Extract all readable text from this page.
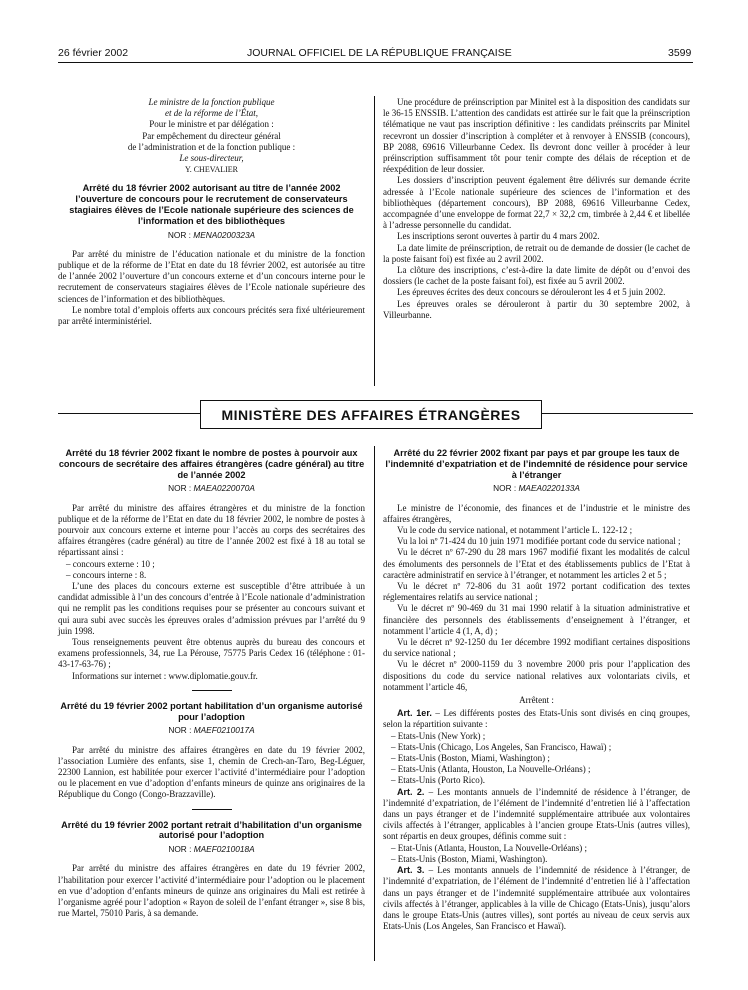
26 février 2002	JOURNAL OFFICIEL DE LA RÉPUBLIQUE FRANÇAISE	3599

Le ministre de la fonction publique

et de la réforme de l’État,

Pour le ministre et par délégation :

Par empêchement du directeur général

de l’administration et de la fonction publique :

Le sous-directeur,

Y. CHEVALIER

Arrêté du 18 février 2002 autorisant au titre de l’année 2002 l’ouverture de concours pour le recrutement de conservateurs stagiaires élèves de l’Ecole nationale supérieure des sciences de l’information et des bibliothèques

NOR : MENA0200323A

Par arrêté du ministre de l’éducation nationale et du ministre de la fonction publique et de la réforme de l’Etat en date du 18 février 2002, est autorisée au titre de l’année 2002 l’ouverture d’un concours externe et d’un concours interne pour le recrutement de conservateurs stagiaires élèves de l’Ecole nationale supérieure des sciences de l’information et des bibliothèques.

Le nombre total d’emplois offerts aux concours précités sera fixé ultérieurement par arrêté interministériel.

Une procédure de préinscription par Minitel est à la disposition des candidats sur le 36-15 ENSSIB. L’attention des candidats est attirée sur le fait que la préinscription télématique ne vaut pas inscription définitive : les candidats préinscrits par Minitel recevront un dossier d’inscription à compléter et à renvoyer à ENSSIB (concours), BP 2088, 69616 Villeurbanne Cedex. Ils devront donc veiller à procéder à leur préinscription suffisamment tôt pour tenir compte des délais de réception et de réexpédition de leur dossier.

Les dossiers d’inscription peuvent également être délivrés sur demande écrite adressée à l’Ecole nationale supérieure des sciences de l’information et des bibliothèques (département concours), BP 2088, 69616 Villeurbanne Cedex, accompagnée d’une enveloppe de format 22,7 × 32,2 cm, timbrée à 2,44 € et libellée à l’adresse personnelle du candidat.

Les inscriptions seront ouvertes à partir du 4 mars 2002.

La date limite de préinscription, de retrait ou de demande de dossier (le cachet de la poste faisant foi) est fixée au 2 avril 2002.

La clôture des inscriptions, c’est-à-dire la date limite de dépôt ou d’envoi des dossiers (le cachet de la poste faisant foi), est fixée au 5 avril 2002.

Les épreuves écrites des deux concours se dérouleront les 4 et 5 juin 2002.

Les épreuves orales se dérouleront à partir du 30 septembre 2002, à Villeurbanne.

MINISTÈRE DES AFFAIRES ÉTRANGÈRES

Arrêté du 18 février 2002 fixant le nombre de postes à pourvoir aux concours de secrétaire des affaires étrangères (cadre général) au titre de l’année 2002

NOR : MAEA0220070A

Par arrêté du ministre des affaires étrangères et du ministre de la fonction publique et de la réforme de l’Etat en date du 18 février 2002, le nombre de postes à pourvoir aux concours externe et interne pour l’accès au corps des secrétaires des affaires étrangères (cadre général) au titre de l’année 2002 est fixé à 18 au total se répartissant ainsi :

– concours externe : 10 ;

– concours interne : 8.

L’une des places du concours externe est susceptible d’être attribuée à un candidat admissible à l’un des concours d’entrée à l’Ecole nationale d’administration qui ne remplit pas les conditions requises pour se présenter au concours suivant et qui aura subi avec succès les épreuves orales d’admission prévues par l’arrêté du 9 juin 1998.

Tous renseignements peuvent être obtenus auprès du bureau des concours et examens professionnels, 34, rue La Pérouse, 75775 Paris Cedex 16 (téléphone : 01-43-17-63-76) ;

Informations sur internet : www.diplomatie.gouv.fr.

Arrêté du 19 février 2002 portant habilitation d’un organisme autorisé pour l’adoption

NOR : MAEF0210017A

Par arrêté du ministre des affaires étrangères en date du 19 février 2002, l’association Lumière des enfants, sise 1, chemin de Crech-an-Taro, Beg-Léguer, 22300 Lannion, est habilitée pour exercer l’activité d’intermédiaire pour l’adoption ou le placement en vue d’adoption d’enfants mineurs de quinze ans originaires de la République du Congo (Congo-Brazzaville).

Arrêté du 19 février 2002 portant retrait d’habilitation d’un organisme autorisé pour l’adoption

NOR : MAEF0210018A

Par arrêté du ministre des affaires étrangères en date du 19 février 2002, l’habilitation pour exercer l’activité d’intermédiaire pour l’adoption ou le placement en vue d’adoption d’enfants mineurs de quinze ans originaires du Mali est retirée à l’organisme agréé pour l’adoption « Rayon de soleil de l’enfant étranger », sise 8 bis, rue Martel, 75010 Paris, à sa demande.

Arrêté du 22 février 2002 fixant par pays et par groupe les taux de l’indemnité d’expatriation et de l’indemnité de résidence pour service à l’étranger

NOR : MAEA0220133A

Le ministre de l’économie, des finances et de l’industrie et le ministre des affaires étrangères,

Vu le code du service national, et notamment l’article L. 122-12 ;

Vu la loi nº 71-424 du 10 juin 1971 modifiée portant code du service national ;

Vu le décret nº 67-290 du 28 mars 1967 modifié fixant les modalités de calcul des émoluments des personnels de l’Etat et des établissements publics de l’Etat à caractère administratif en service à l’étranger, et notamment les articles 2 et 5 ;

Vu le décret nº 72-806 du 31 août 1972 portant codification des textes réglementaires relatifs au service national ;

Vu le décret nº 90-469 du 31 mai 1990 relatif à la situation administrative et financière des personnels des établissements d’enseignement à l’étranger, et notamment l’article 4 (1, A, d) ;

Vu le décret nº 92-1250 du 1er décembre 1992 modifiant certaines dispositions du service national ;

Vu le décret nº 2000-1159 du 3 novembre 2000 pris pour l’application des dispositions du code du service national relatives aux volontariats civils, et notamment l’article 46,

Arrêtent :

Art. 1er. – Les différents postes des Etats-Unis sont divisés en cinq groupes, selon la répartition suivante :

– Etats-Unis (New York) ;

– Etats-Unis (Chicago, Los Angeles, San Francisco, Hawaï) ;

– Etats-Unis (Boston, Miami, Washington) ;

– Etats-Unis (Atlanta, Houston, La Nouvelle-Orléans) ;

– Etats-Unis (Porto Rico).

Art. 2. – Les montants annuels de l’indemnité de résidence à l’étranger, de l’indemnité d’expatriation, de l’élément de l’indemnité d’entretien lié à l’affectation dans un pays étranger et de l’indemnité supplémentaire attribuée aux volontaires civils affectés à l’étranger, applicables à l’ancien groupe Etats-Unis (autres villes), sont répartis en deux groupes, définis comme suit :

– Etat-Unis (Atlanta, Houston, La Nouvelle-Orléans) ;

– Etats-Unis (Boston, Miami, Washington).

Art. 3. – Les montants annuels de l’indemnité de résidence à l’étranger, de l’indemnité d’expatriation, de l’élément de l’indemnité d’entretien lié à l’affectation dans un pays étranger et de l’indemnité supplémentaire attribuée aux volontaires civils affectés à l’étranger, applicables à la ville de Chicago (Etats-Unis), jusqu’alors dans le groupe Etats-Unis (autres villes), sont portés au niveau de ceux servis aux Etats-Unis (Los Angeles, San Francisco et Hawaï).
